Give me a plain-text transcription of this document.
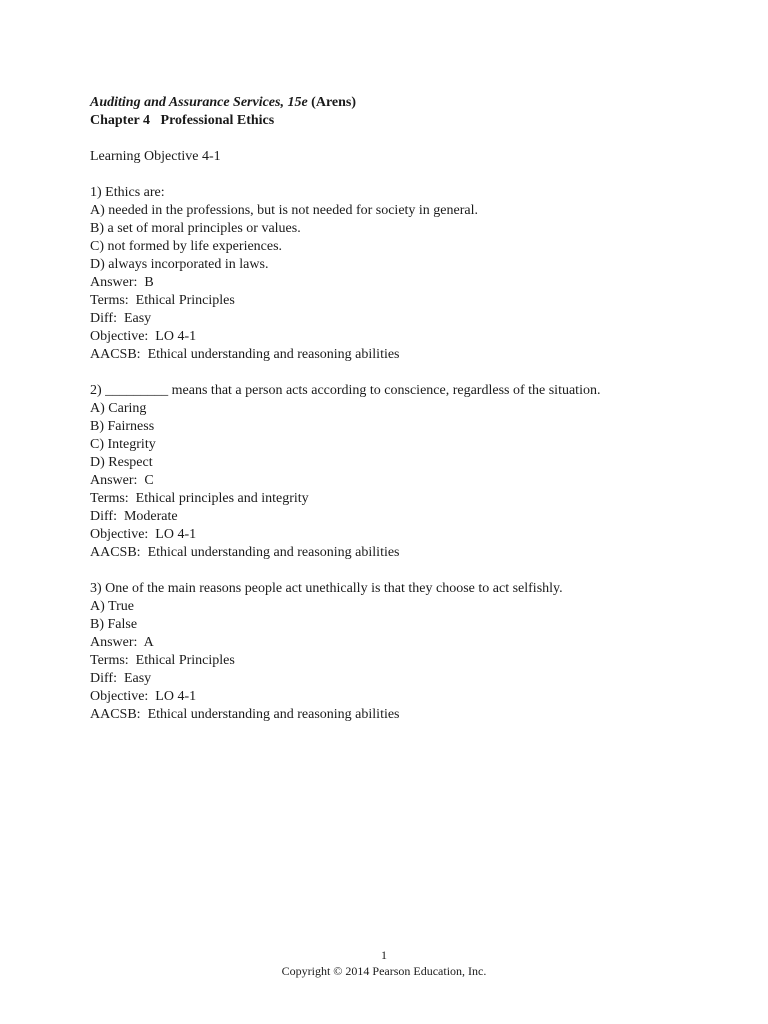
Auditing and Assurance Services, 15e (Arens)
Chapter 4   Professional Ethics
Learning Objective 4-1
1) Ethics are:
A) needed in the professions, but is not needed for society in general.
B) a set of moral principles or values.
C) not formed by life experiences.
D) always incorporated in laws.
Answer:  B
Terms:  Ethical Principles
Diff:  Easy
Objective:  LO 4-1
AACSB:  Ethical understanding and reasoning abilities
2) _________ means that a person acts according to conscience, regardless of the situation.
A) Caring
B) Fairness
C) Integrity
D) Respect
Answer:  C
Terms:  Ethical principles and integrity
Diff:  Moderate
Objective:  LO 4-1
AACSB:  Ethical understanding and reasoning abilities
3) One of the main reasons people act unethically is that they choose to act selfishly.
A) True
B) False
Answer:  A
Terms:  Ethical Principles
Diff:  Easy
Objective:  LO 4-1
AACSB:  Ethical understanding and reasoning abilities
1
Copyright © 2014 Pearson Education, Inc.
